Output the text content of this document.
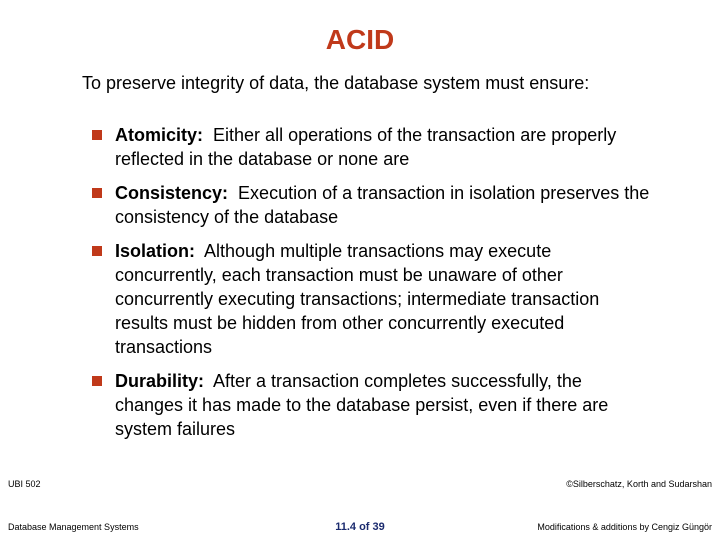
ACID
To preserve integrity of data, the database system must ensure:
Atomicity: Either all operations of the transaction are properly reflected in the database or none are
Consistency: Execution of a transaction in isolation preserves the consistency of the database
Isolation: Although multiple transactions may execute concurrently, each transaction must be unaware of other concurrently executing transactions; intermediate transaction results must be hidden from other concurrently executed transactions
Durability: After a transaction completes successfully, the changes it has made to the database persist, even if there are system failures
UBI 502
Database Management Systems	11.4 of 39
©Silberschatz, Korth and Sudarshan
Modifications & additions by Cengiz Güngör
